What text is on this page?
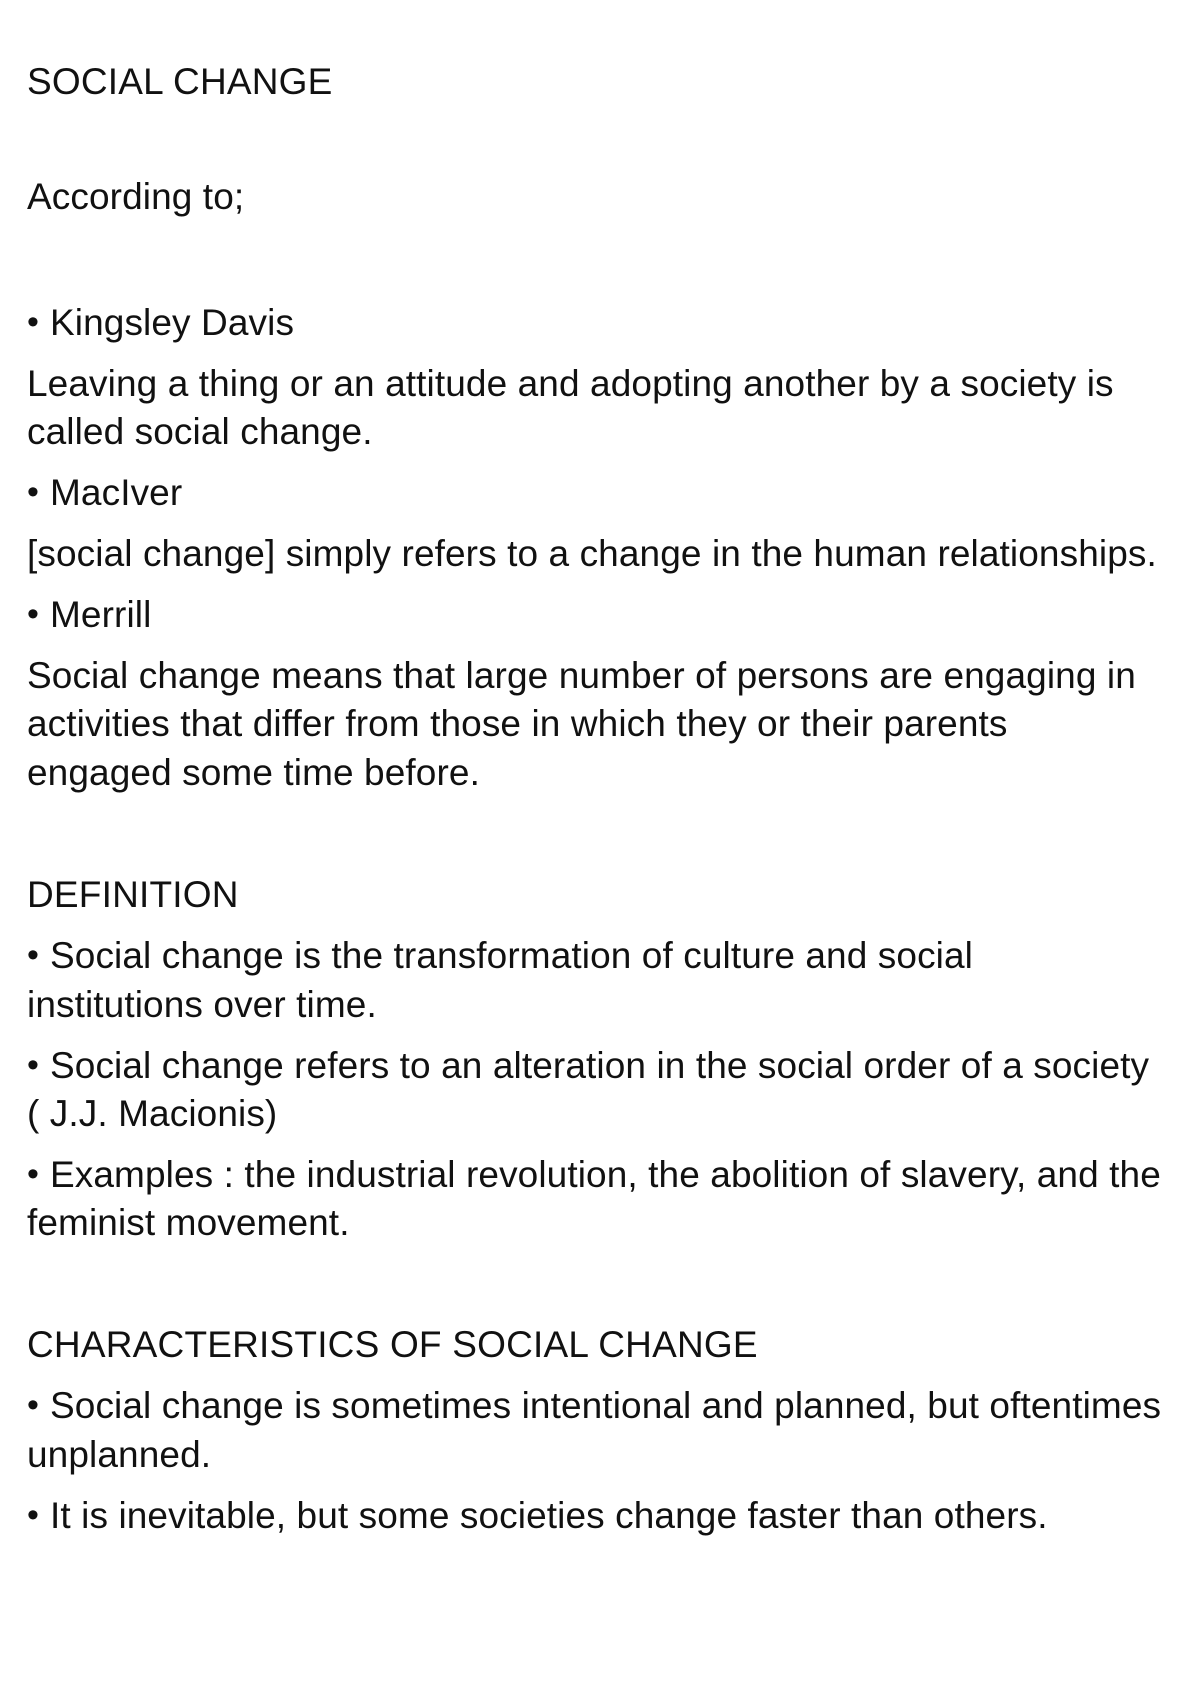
SOCIAL CHANGE

According to;

• Kingsley Davis

Leaving a thing or an attitude and adopting another by a society is

called social change.

• MacIver

[social change] simply refers to a change in the human relationships.

• Merrill

Social change means that large number of persons are engaging in

activities that differ from those in which they or their parents

engaged some time before.

DEFINITION

• Social change is the transformation of culture and social

institutions over time.

• Social change refers to an alteration in the social order of a society

( J.J. Macionis)

• Examples : the industrial revolution, the abolition of slavery, and the

feminist movement.

CHARACTERISTICS OF SOCIAL CHANGE

• Social change is sometimes intentional and planned, but oftentimes

unplanned.

• It is inevitable, but some societies change faster than others.
